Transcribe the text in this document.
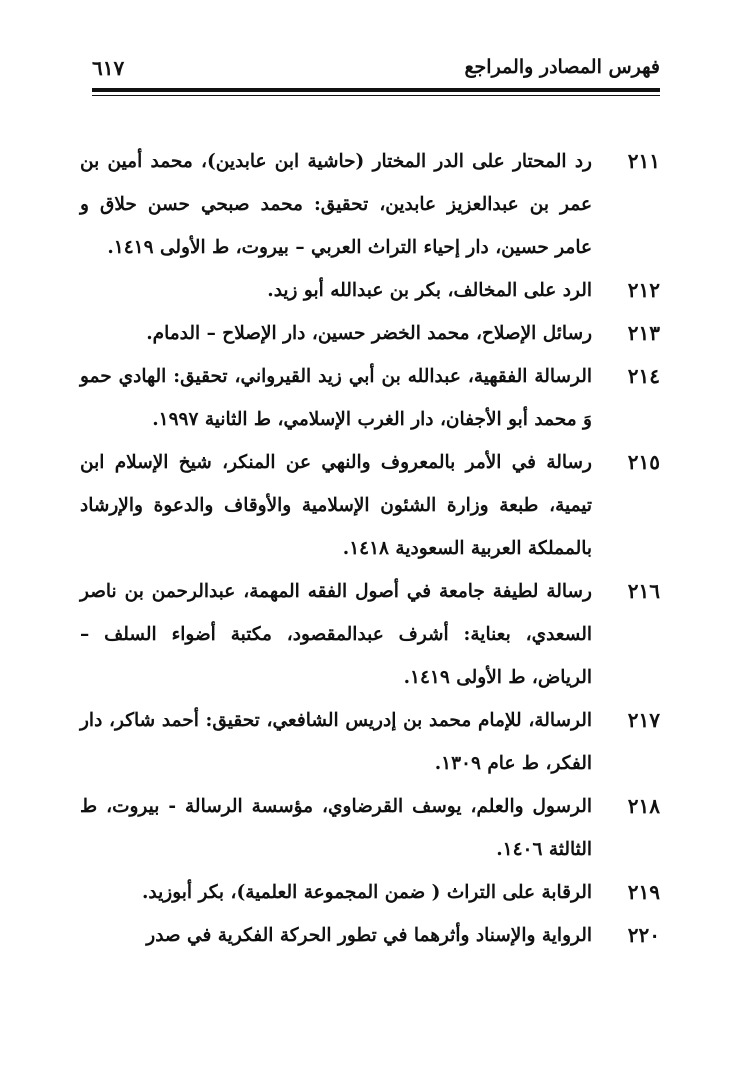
فهرس المصادر والمراجع
٦١٧
٢١١
رد المحتار على الدر المختار (حاشية ابن عابدين)، محمد أمين بن عمر بن عبدالعزيز عابدين، تحقيق: محمد صبحي حسن حلاق و عامر حسين، دار إحياء التراث العربي – بيروت، ط الأولى ١٤١٩.
٢١٢
الرد على المخالف، بكر بن عبدالله أبو زيد.
٢١٣
رسائل الإصلاح، محمد الخضر حسين، دار الإصلاح – الدمام.
٢١٤
الرسالة الفقهية، عبدالله بن أبي زيد القيرواني، تحقيق: الهادي حمو وَ محمد أبو الأجفان، دار الغرب الإسلامي، ط الثانية ١٩٩٧.
٢١٥
رسالة في الأمر بالمعروف والنهي عن المنكر، شيخ الإسلام ابن تيمية، طبعة وزارة الشئون الإسلامية والأوقاف والدعوة والإرشاد بالمملكة العربية السعودية ١٤١٨.
٢١٦
رسالة لطيفة جامعة في أصول الفقه المهمة، عبدالرحمن بن ناصر السعدي، بعناية: أشرف عبدالمقصود، مكتبة أضواء السلف – الرياض، ط الأولى ١٤١٩.
٢١٧
الرسالة، للإمام محمد بن إدريس الشافعي، تحقيق: أحمد شاكر، دار الفكر، ط عام ١٣٠٩.
٢١٨
الرسول والعلم، يوسف القرضاوي، مؤسسة الرسالة - بيروت، ط الثالثة ١٤٠٦.
٢١٩
الرقابة على التراث ( ضمن المجموعة العلمية)، بكر أبوزيد.
٢٢٠
الرواية والإسناد وأثرهما في تطور الحركة الفكرية في صدر
